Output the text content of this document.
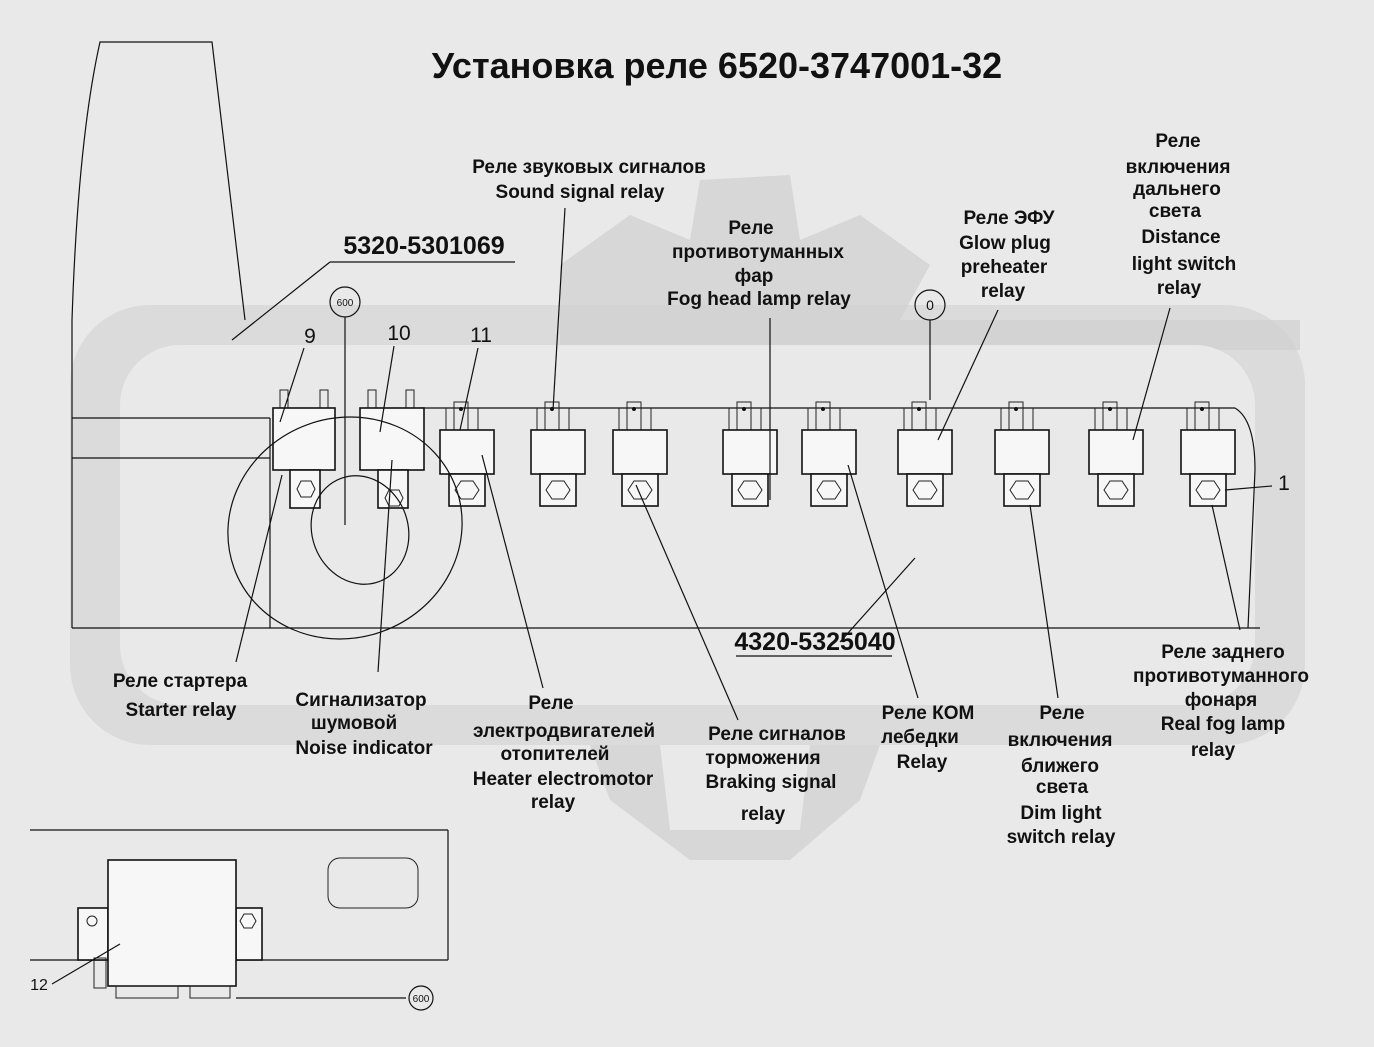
Установка реле 6520-3747001-32
5320-5301069
4320-5325040
9	10	11
1
600	0
Реле звуковых сигналов
Sound signal relay
Реле
противотуманных
фар
Fog head lamp relay
Реле ЭФУ
Glow plug
preheater
relay
Реле
включения
дальнего
света
Distance
light switch
relay
Реле стартера
Starter relay	Сигнализатор
шумовой
Noise indicator
Реле
электродвигателей
отопителей
Heater electromotor
relay
Реле сигналов
торможения
Braking signal
relay
Реле КОМ
лебедки
Relay
Реле
включения
ближего
света
Dim light
switch relay
Реле заднего
противотуманного
фонаря
Real fog lamp
relay
12
600
